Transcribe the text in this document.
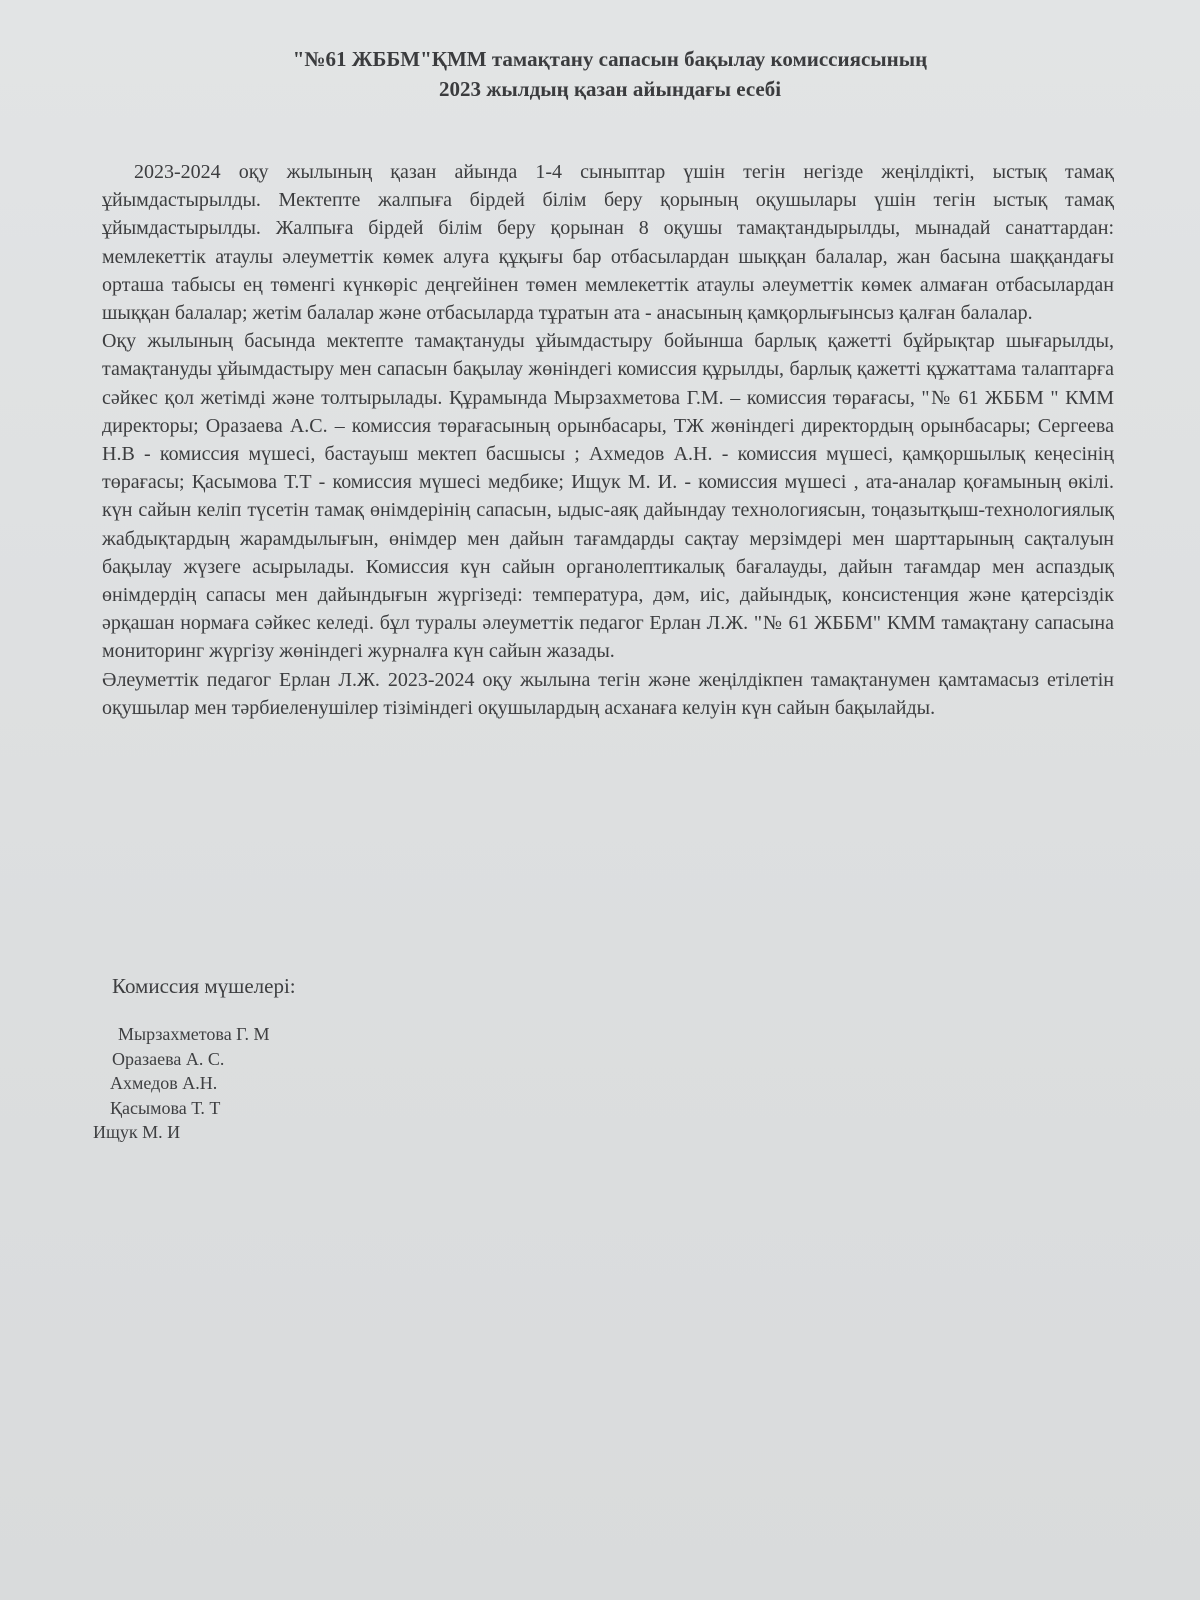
"№61 ЖББМ"ҚММ тамақтану сапасын бақылау комиссиясының
2023 жылдың қазан айындағы есебі

2023-2024 оқу жылының қазан айында 1-4 сыныптар үшін тегін негізде жеңілдікті, ыстық тамақ ұйымдастырылды. Мектепте жалпыға бірдей білім беру қорының оқушылары үшін тегін ыстық тамақ ұйымдастырылды. Жалпыға бірдей білім беру қорынан 8 оқушы тамақтандырылды, мынадай санаттардан: мемлекеттік атаулы әлеуметтік көмек алуға құқығы бар отбасылардан шыққан балалар, жан басына шаққандағы орташа табысы ең төменгі күнкөріс деңгейінен төмен мемлекеттік атаулы әлеуметтік көмек алмаған отбасылардан шыққан балалар; жетім балалар және отбасыларда тұратын ата - анасының қамқорлығынсыз қалған балалар.

Оқу жылының басында мектепте тамақтануды ұйымдастыру бойынша барлық қажетті бұйрықтар шығарылды, тамақтануды ұйымдастыру мен сапасын бақылау жөніндегі комиссия құрылды, барлық қажетті құжаттама талаптарға сәйкес қол жетімді және толтырылады. Құрамында Мырзахметова Г.М. – комиссия төрағасы, "№ 61 ЖББМ " КММ директоры; Оразаева А.С. – комиссия төрағасының орынбасары, ТЖ жөніндегі директордың орынбасары; Сергеева Н.В - комиссия мүшесі, бастауыш мектеп басшысы ; Ахмедов А.Н. - комиссия мүшесі, қамқоршылық кеңесінің төрағасы; Қасымова Т.Т - комиссия мүшесі медбике; Ищук М. И. - комиссия мүшесі , ата-аналар қоғамының өкілі. күн сайын келіп түсетін тамақ өнімдерінің сапасын, ыдыс-аяқ дайындау технологиясын, тоңазытқыш-технологиялық жабдықтардың жарамдылығын, өнімдер мен дайын тағамдарды сақтау мерзімдері мен шарттарының сақталуын бақылау жүзеге асырылады. Комиссия күн сайын органолептикалық бағалауды, дайын тағамдар мен аспаздық өнімдердің сапасы мен дайындығын жүргізеді: температура, дәм, иіс, дайындық, консистенция және қатерсіздік әрқашан нормаға сәйкес келеді. бұл туралы әлеуметтік педагог Ерлан Л.Ж. "№ 61 ЖББМ" КММ тамақтану сапасына мониторинг жүргізу жөніндегі журналға күн сайын жазады.

Әлеуметтік педагог Ерлан Л.Ж. 2023-2024 оқу жылына тегін және жеңілдікпен тамақтанумен қамтамасыз етілетін оқушылар мен тәрбиеленушілер тізіміндегі оқушылардың асханаға келуін күн сайын бақылайды.

Комиссия мүшелері:
Мырзахметова Г. М
Оразаева А. С.
Ахмедов А.Н.
Қасымова Т. Т
Ищук М. И
